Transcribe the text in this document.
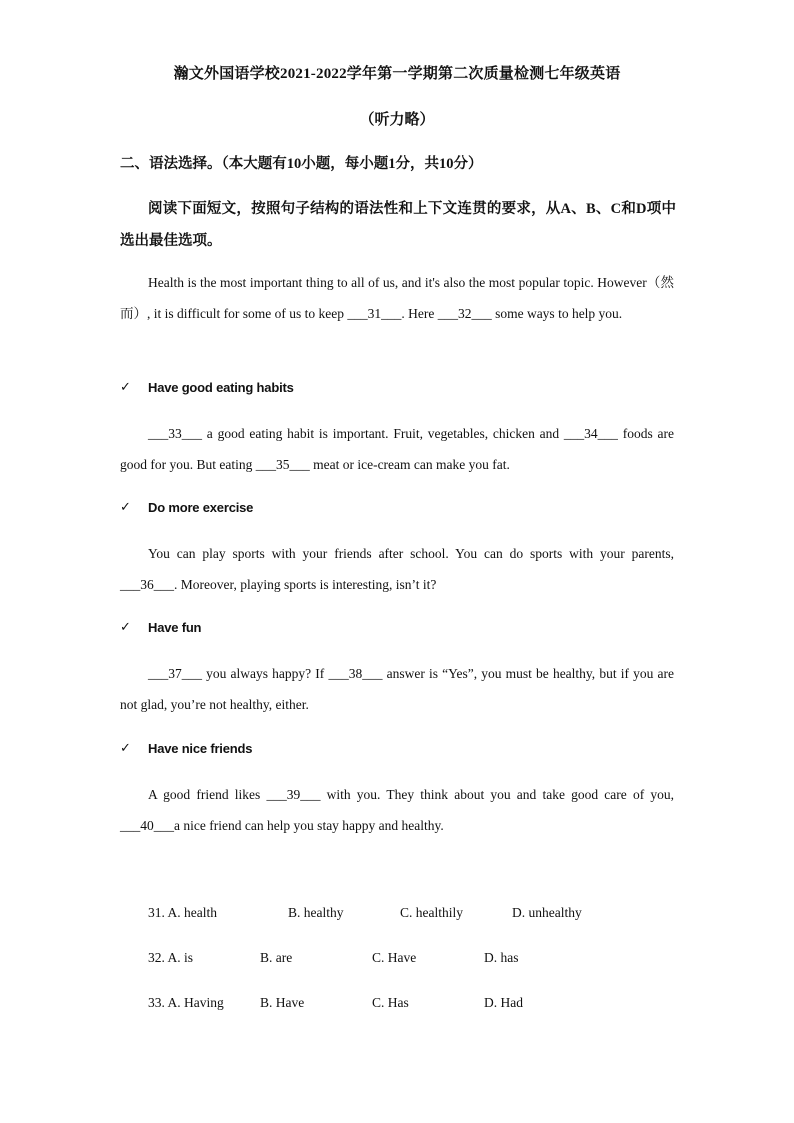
瀚文外国语学校2021-2022学年第一学期第二次质量检测七年级英语
（听力略）
二、语法选择。（本大题有10小题，每小题1分，共10分）
阅读下面短文，按照句子结构的语法性和上下文连贯的要求，从A、B、C和D项中选出最佳选项。
Health is the most important thing to all of us, and it's also the most popular topic. However（然而）, it is difficult for some of us to keep ___31___. Here ___32___ some ways to help you.
✓	Have good eating habits
___33___ a good eating habit is important. Fruit, vegetables, chicken and ___34___ foods are good for you. But eating ___35___ meat or ice-cream can make you fat.
✓	Do more exercise
You can play sports with your friends after school. You can do sports with your parents, ___36___. Moreover, playing sports is interesting, isn’t it?
✓	Have fun
___37___ you always happy? If ___38___ answer is “Yes”, you must be healthy, but if you are not glad, you’re not healthy, either.
✓	Have nice friends
A good friend likes ___39___ with you. They think about you and take good care of you, ___40___a nice friend can help you stay happy and healthy.
31. A. health	B. healthy	C. healthily	D. unhealthy
32. A. is	B. are	C. Have	D. has
33. A. Having	B. Have	C. Has	D. Had
